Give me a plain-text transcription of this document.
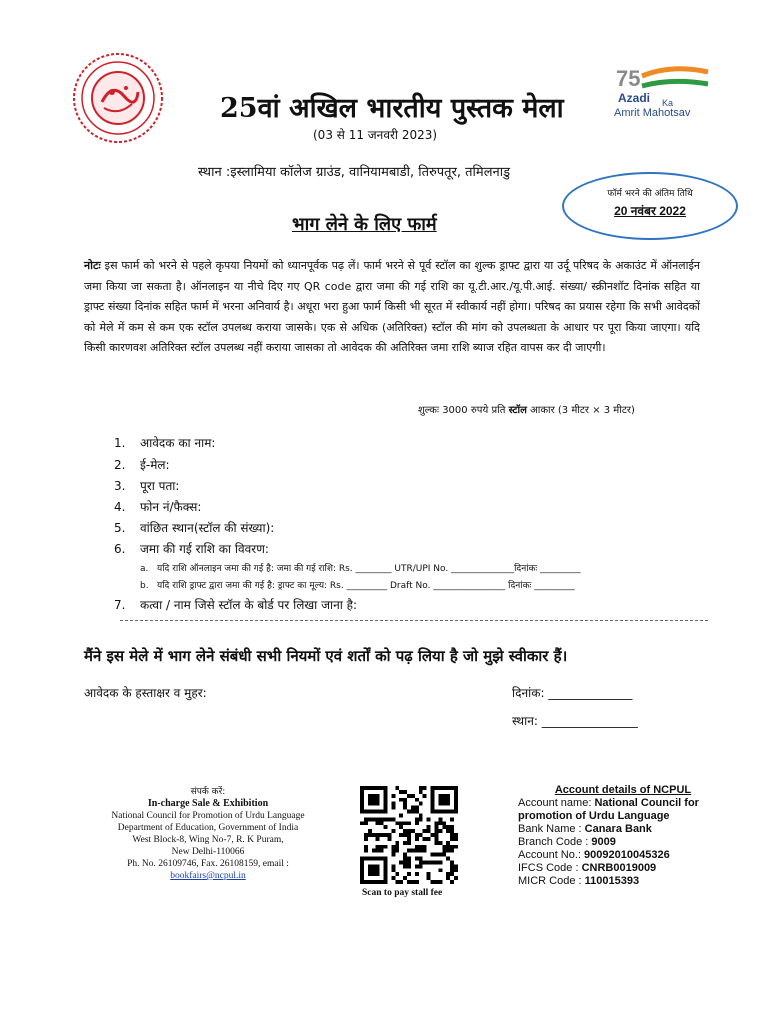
25वां अखिल भारतीय पुस्तक मेला
(03 से 11 जनवरी 2023)
स्थान :इस्लामिया कॉलेज ग्राउंड, वानियामबाडी, तिरुपतूर, तमिलनाडु
75
Azadi Ka
Amrit Mahotsav
फॉर्म भरने की अंतिम तिथि
20 नवंबर 2022
भाग लेने के लिए फार्म
नोटः इस फार्म को भरने से पहले कृपया नियमों को ध्यानपूर्वक पढ़ लें। फार्म भरने से पूर्व स्टॉल का शुल्क ड्राफ्ट द्वारा या उर्दू परिषद के अकाउंट में ऑनलाईन जमा किया जा सकता है। ऑनलाइन या नीचे दिए गए QR code द्वारा जमा की गई राशि का यू.टी.आर./यू.पी.आई. संख्या/ स्क्रीनशॉट दिनांक सहित या ड्राफ्ट संख्या दिनांक सहित फार्म में भरना अनिवार्य है। अधूरा भरा हुआ फार्म किसी भी सूरत में स्वीकार्य नहीं होगा। परिषद का प्रयास रहेगा कि सभी आवेदकों को मेले में कम से कम एक स्टॉल उपलब्ध कराया जासके। एक से अधिक (अतिरिक्त) स्टॉल की मांग को उपलब्धता के आधार पर पूरा किया जाएगा। यदि किसी कारणवश अतिरिक्त स्टॉल उपलब्ध नहीं कराया जासका तो आवेदक की अतिरिक्त जमा राशि ब्याज रहित वापस कर दी जाएगी।
शुल्कः 3000 रुपये प्रति स्टॉल आकार (3 मीटर × 3 मीटर)
1. आवेदक का नाम:
2. ई-मेल:
3. पूरा पता:
4. फोन नं/फैक्स:
5. वांछित स्थान(स्टॉल की संख्या):
6. जमा की गई राशि का विवरण:
a. यदि राशि ऑनलाइन जमा की गई है: जमा की गई राशि: Rs. ________ UTR/UPI No. ______________दिनांकः _________
b. यदि राशि ड्राफ्ट द्वारा जमा की गई है: ड्राफ्ट का मूल्य: Rs. _________ Draft No. ________________ दिनांकः _________
7. कत्वा / नाम जिसे स्टॉल के बोर्ड पर लिखा जाना है:
मैंने इस मेले में भाग लेने संबंधी सभी नियमों एवं शर्तों को पढ़ लिया है जो मुझे स्वीकार हैं।
आवेदक के हस्ताक्षर व मुहर:	दिनांक: ______________
स्थान: ________________
संपर्क करें:
In-charge Sale & Exhibition
National Council for Promotion of Urdu Language
Department of Education, Government of India
West Block-8, Wing No-7, R. K Puram,
New Delhi-110066
Ph. No. 26109746, Fax. 26108159, email :
bookfairs@ncpul.in
Scan to pay stall fee
Account details of NCPUL
Account name: National Council for promotion of Urdu Language
Bank Name : Canara Bank
Branch Code : 9009
Account No.: 90092010045326
IFCS Code : CNRB0019009
MICR Code : 110015393
